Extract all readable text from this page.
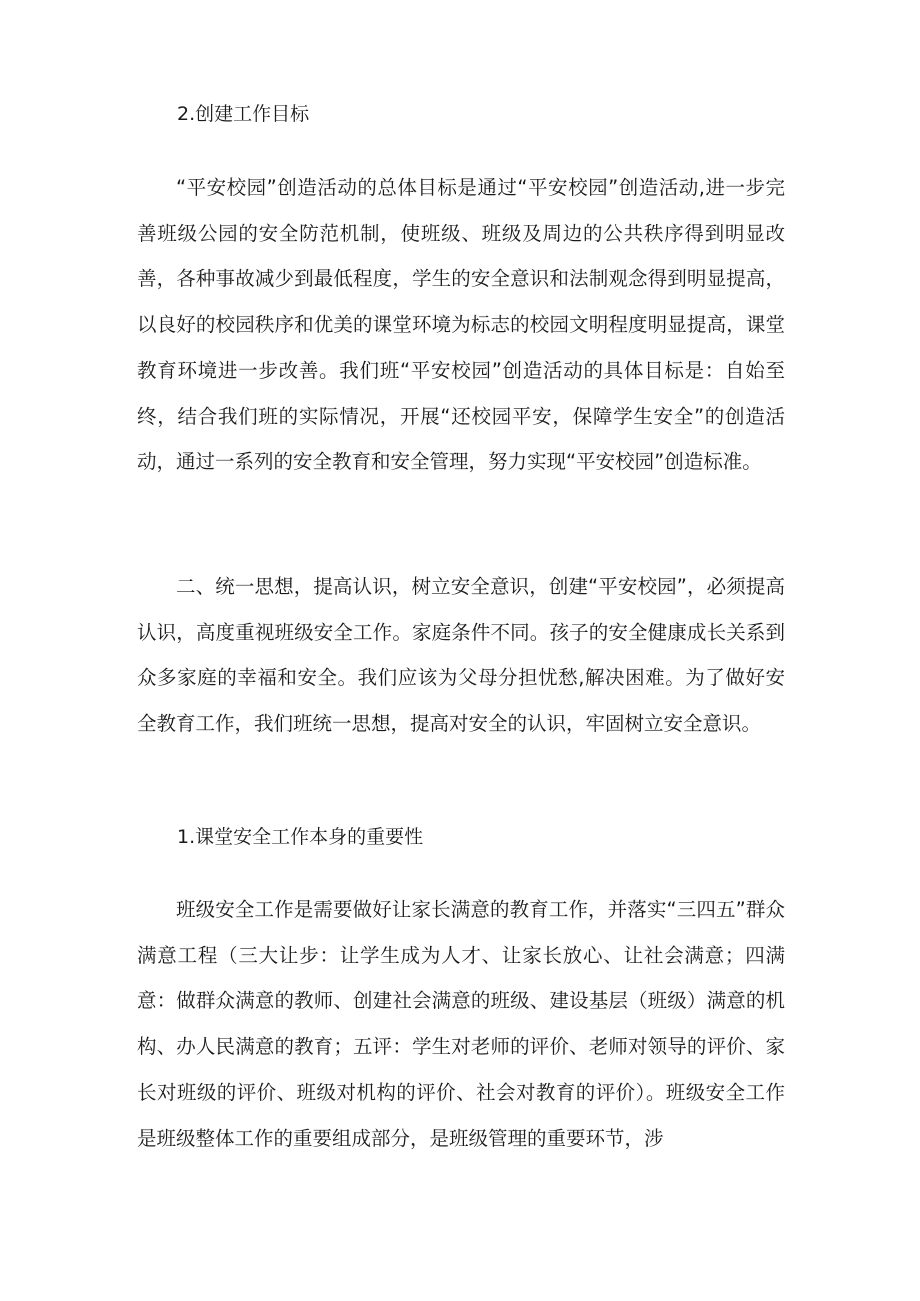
2.创建工作目标

“平安校园”创造活动的总体目标是通过“平安校园”创造活动,进一步完善班级公园的安全防范机制，使班级、班级及周边的公共秩序得到明显改善，各种事故减少到最低程度，学生的安全意识和法制观念得到明显提高，以良好的校园秩序和优美的课堂环境为标志的校园文明程度明显提高，课堂教育环境进一步改善。我们班“平安校园”创造活动的具体目标是：自始至终，结合我们班的实际情况，开展“还校园平安，保障学生安全”的创造活动，通过一系列的安全教育和安全管理，努力实现“平安校园”创造标准。

二、统一思想，提高认识，树立安全意识，创建“平安校园”，必须提高认识，高度重视班级安全工作。家庭条件不同。孩子的安全健康成长关系到众多家庭的幸福和安全。我们应该为父母分担忧愁,解决困难。为了做好安全教育工作，我们班统一思想，提高对安全的认识，牢固树立安全意识。

1.课堂安全工作本身的重要性

班级安全工作是需要做好让家长满意的教育工作，并落实“三四五”群众满意工程（三大让步：让学生成为人才、让家长放心、让社会满意；四满意：做群众满意的教师、创建社会满意的班级、建设基层（班级）满意的机构、办人民满意的教育；五评：学生对老师的评价、老师对领导的评价、家长对班级的评价、班级对机构的评价、社会对教育的评价）。班级安全工作是班级整体工作的重要组成部分，是班级管理的重要环节，涉
